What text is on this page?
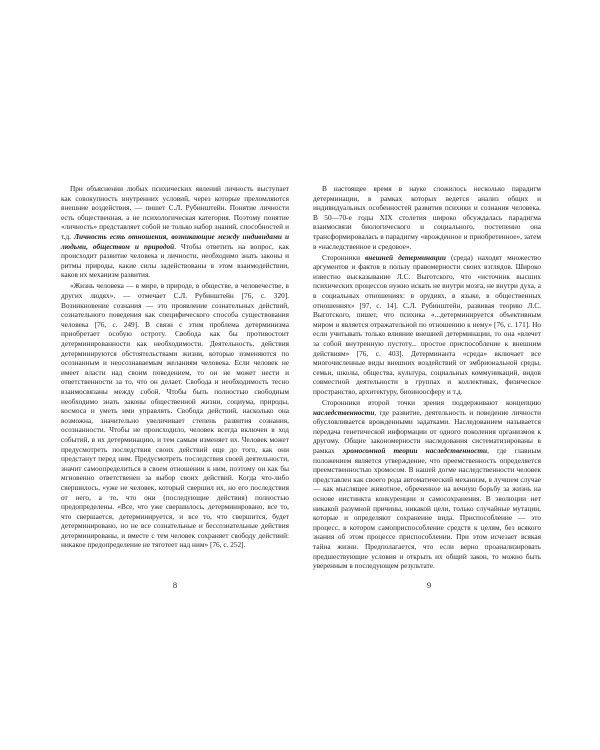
При объяснении любых психических явлений личность выступает как совокупность внутренних условий, через которые преломляются внешние воздействия, — пишет С.Л. Рубинштейн. Понятие личности есть общественная, а не психологическая категория. Поэтому понятие «личность» представляет собой не только набор знаний, способностей и т.д. Личность есть отношения, возникающие между индивидами и людьми, обществом и природой. Чтобы ответить на вопрос, как происходит развитие человека и личности, необходимо знать законы и ритмы природы, какие силы задействованы в этом взаимодействии, каков их механизм развития.

«Жизнь человека — в мире, в природе, в обществе, в человечестве, в других людях», — отмечает С.Л. Рубинштейн [76, с. 320]. Возникновение сознания — это проявление сознательных действий, сознательного поведения как специфического способа существования человека [76, с. 249]. В связи с этим проблема детерминизма приобретает особую остроту. Свобода как бы противостоит детерминированности как необходимости. Деятельность, действия детерминируются обстоятельствами жизни, которые изменяются по осознанным и неосознаваемым желаниям человека. Если человек не имеет власти над своим поведением, то он не может нести и ответственности за то, что он делает. Свобода и необходимость тесно взаимосвязаны между собой. Чтобы быть полностью свободным необходимо знать законы общественной жизни, социума, природы, космоса и уметь ими управлять. Свобода действий, насколько она возможна, значительно увеличивает степень развития сознания, осознанности. Чтобы не происходило, человек всегда включен в ход событий, в их детерминацию, и тем самым изменяет их. Человек может предусмотреть последствия своих действий еще до того, как они предстанут перед ним. Предусмотреть последствия своей деятельности, значит самоопределиться в своем отношении к ним, поэтому он как бы мгновенно ответственен за выбор своих действий. Когда что-либо свершилось, «уже не человек, который свершил их, но его последствия от него, а то, что они (последующие действия) полностью предопределены. «Все, что уже свершилось, детерминировано, все то, что свершается, детерминируется, и все то, что свершится, будет детерминировано, но не все сознательные и бессознательные действия детерминированы, и вместе с тем человек сохраняет свободу действий: никакое предопределение не тяготеет над ним» [76, с. 252].

8

В настоящее время в науке сложилось несколько парадигм детерминации, в рамках которых ведется анализ общих и индивидуальных особенностей развития психики и сознания человека. В 50—70-е годы XIX столетия широко обсуждалась парадигма взаимосвязи биологического и социального, постепенно она трансформировалась в парадигму «врожденное и приобретенное», затем в «наследственное и средовое».

Сторонники внешней детерминации (среда) находят множество аргументов и фактов в пользу правомерности своих взглядов. Широко известно высказывание Л.С. Выготского, что «источник высших психических процессов нужно искать не внутри мозга, не внутри духа, а в социальных отношениях: в орудиях, в языке, в общественных отношениях» [97, с. 14]. С.Л. Рубинштейн, развивая теорию Л.С. Выготского, пишет, что психика «...детерминируется объективным миром и является отражательной по отношению к нему» [76, с. 171]. Но если учитывать только влияние внешней детерминации, то она «влечет за собой внутренную пустоту... простое приспособление к внешним действиям» [76, с. 403]. Детерминанта «среда» включает все многочисленные виды внешних воздействий от эмбриональной среды, семьи, школы, общества, культура, социальных коммуникаций, видов совместной деятельности в группах и коллективах, физическое пространство, архитектуру, биоиноосферу и т.д.

Сторонники второй точки зрения поддерживают концепцию наследственности, где развитие, деятельность и поведение личности обусловливается врожденными задатками. Наследованием называется передача генетической информации от одного поколения организмов к другому. Общие закономерности наследования систематизированы в рамках хромосомной теории наследственности, где главным положением является утверждение, что преемственность определяется преемственностью хромосом. В нашей догме наследственности человек представлен как своего рода автоматический механизм, в лучшем случае — как мыслящее животное, обреченное на вечную борьбу за жизнь на основе инстинкта конкуренции и самосохранения. В эволюции нет никакой разумной причины, никакой цели, только случайные мутации, которые и определяют сохранение вида. Приспособление — это процесс, в котором самоприспособление средств к целям, без всякого знания об этом процессе приспособлении. При этом исчезает всякая тайна жизни. Предполагается, что если верно проанализировать предшествующие условия и открыть их общий закон, то можно быть уверенным в последующем результате.

9
